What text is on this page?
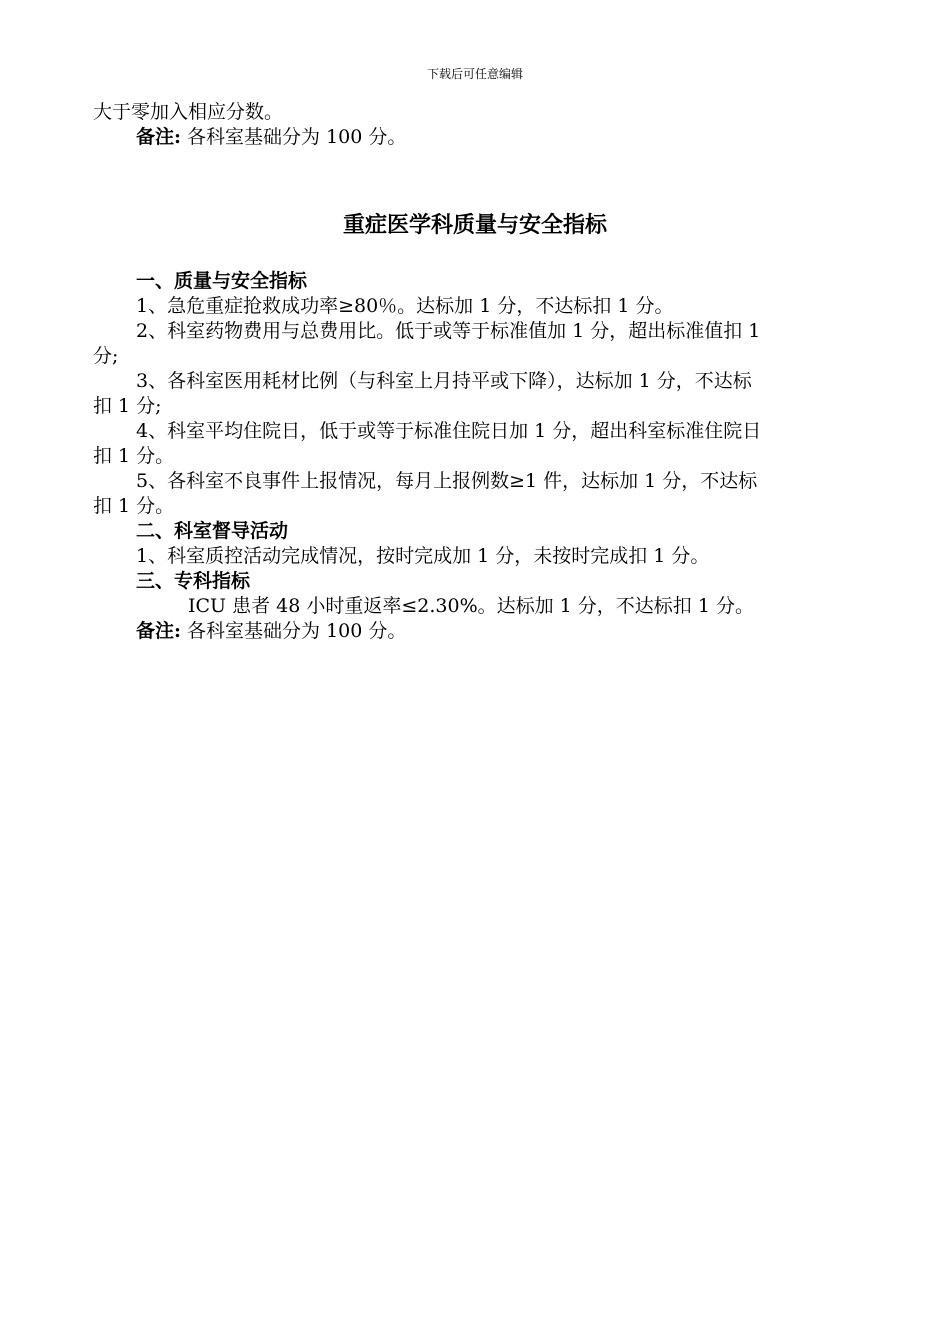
下载后可任意编辑
大于零加入相应分数。
备注: 各科室基础分为 100 分。
重症医学科质量与安全指标
一、质量与安全指标
1、急危重症抢救成功率≥80％。达标加 1 分，不达标扣 1 分。
2、科室药物费用与总费用比。低于或等于标准值加 1 分，超出标准值扣 1
分;
3、各科室医用耗材比例（与科室上月持平或下降），达标加 1 分，不达标
扣 1 分;
4、科室平均住院日，低于或等于标准住院日加 1 分，超出科室标准住院日
扣 1 分。
5、各科室不良事件上报情况，每月上报例数≥1 件，达标加 1 分，不达标
扣 1 分。
二、科室督导活动
1、科室质控活动完成情况，按时完成加 1 分，未按时完成扣 1 分。
三、专科指标
ICU 患者 48 小时重返率≤2.30%。达标加 1 分，不达标扣 1 分。
备注: 各科室基础分为 100 分。
